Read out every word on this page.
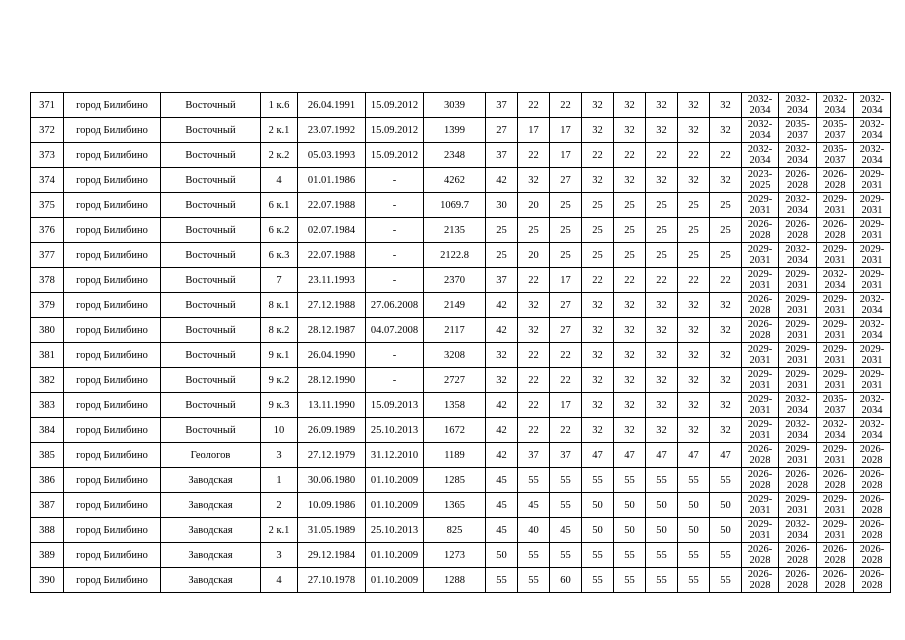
371	город Билибино	Восточный	1 к.6	26.04.1991	15.09.2012	3039	37	22	22	32	32	32	32	32	2032-2034	2032-2034	2032-2034	2032-2034
372	город Билибино	Восточный	2 к.1	23.07.1992	15.09.2012	1399	27	17	17	32	32	32	32	32	2032-2034	2035-2037	2035-2037	2032-2034
373	город Билибино	Восточный	2 к.2	05.03.1993	15.09.2012	2348	37	22	17	22	22	22	22	22	2032-2034	2032-2034	2035-2037	2032-2034
374	город Билибино	Восточный	4	01.01.1986	-	4262	42	32	27	32	32	32	32	32	2023-2025	2026-2028	2026-2028	2029-2031
375	город Билибино	Восточный	6 к.1	22.07.1988	-	1069.7	30	20	25	25	25	25	25	25	2029-2031	2032-2034	2029-2031	2029-2031
376	город Билибино	Восточный	6 к.2	02.07.1984	-	2135	25	25	25	25	25	25	25	25	2026-2028	2026-2028	2026-2028	2029-2031
377	город Билибино	Восточный	6 к.3	22.07.1988	-	2122.8	25	20	25	25	25	25	25	25	2029-2031	2032-2034	2029-2031	2029-2031
378	город Билибино	Восточный	7	23.11.1993	-	2370	37	22	17	22	22	22	22	22	2029-2031	2029-2031	2032-2034	2029-2031
379	город Билибино	Восточный	8 к.1	27.12.1988	27.06.2008	2149	42	32	27	32	32	32	32	32	2026-2028	2029-2031	2029-2031	2032-2034
380	город Билибино	Восточный	8 к.2	28.12.1987	04.07.2008	2117	42	32	27	32	32	32	32	32	2026-2028	2029-2031	2029-2031	2032-2034
381	город Билибино	Восточный	9 к.1	26.04.1990	-	3208	32	22	22	32	32	32	32	32	2029-2031	2029-2031	2029-2031	2029-2031
382	город Билибино	Восточный	9 к.2	28.12.1990	-	2727	32	22	22	32	32	32	32	32	2029-2031	2029-2031	2029-2031	2029-2031
383	город Билибино	Восточный	9 к.3	13.11.1990	15.09.2013	1358	42	22	17	32	32	32	32	32	2029-2031	2032-2034	2035-2037	2032-2034
384	город Билибино	Восточный	10	26.09.1989	25.10.2013	1672	42	22	22	32	32	32	32	32	2029-2031	2032-2034	2032-2034	2032-2034
385	город Билибино	Геологов	3	27.12.1979	31.12.2010	1189	42	37	37	47	47	47	47	47	2026-2028	2029-2031	2029-2031	2026-2028
386	город Билибино	Заводская	1	30.06.1980	01.10.2009	1285	45	55	55	55	55	55	55	55	2026-2028	2026-2028	2026-2028	2026-2028
387	город Билибино	Заводская	2	10.09.1986	01.10.2009	1365	45	45	55	50	50	50	50	50	2029-2031	2029-2031	2029-2031	2026-2028
388	город Билибино	Заводская	2 к.1	31.05.1989	25.10.2013	825	45	40	45	50	50	50	50	50	2029-2031	2032-2034	2029-2031	2026-2028
389	город Билибино	Заводская	3	29.12.1984	01.10.2009	1273	50	55	55	55	55	55	55	55	2026-2028	2026-2028	2026-2028	2026-2028
390	город Билибино	Заводская	4	27.10.1978	01.10.2009	1288	55	55	60	55	55	55	55	55	2026-2028	2026-2028	2026-2028	2026-2028
